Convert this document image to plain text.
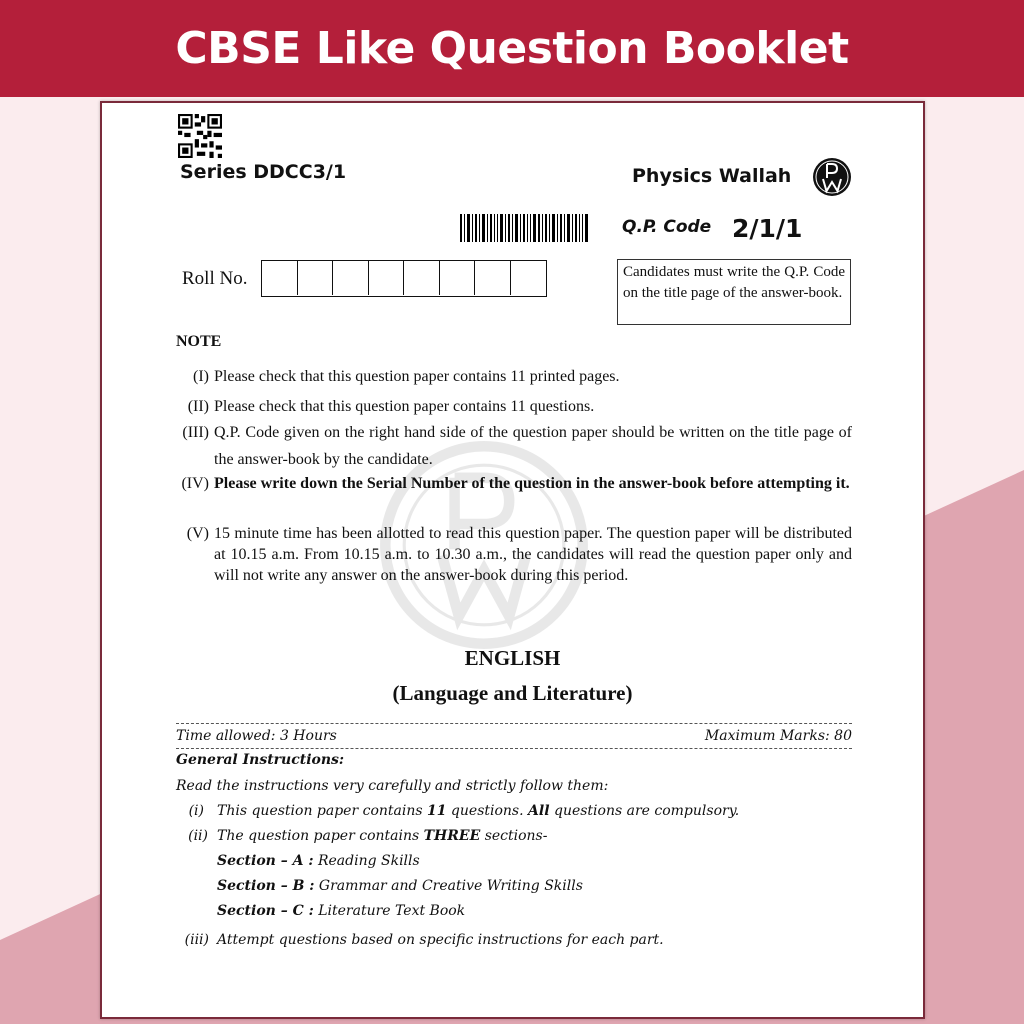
CBSE Like Question Booklet
Series DDCC3/1	Physics Wallah
Q.P. Code 2/1/1
Roll No.	Candidates must write the Q.P. Code on the title page of the answer-book.
NOTE
(I) Please check that this question paper contains 11 printed pages.
(II) Please check that this question paper contains 11 questions.
(III) Q.P. Code given on the right hand side of the question paper should be written on the title page of the answer-book by the candidate.
(IV) Please write down the Serial Number of the question in the answer-book before attempting it.
(V) 15 minute time has been allotted to read this question paper. The question paper will be distributed at 10.15 a.m. From 10.15 a.m. to 10.30 a.m., the candidates will read the question paper only and will not write any answer on the answer-book during this period.
ENGLISH
(Language and Literature)
Time allowed: 3 Hours	Maximum Marks: 80
General Instructions:
Read the instructions very carefully and strictly follow them:
(i) This question paper contains 11 questions. All questions are compulsory.
(ii) The question paper contains THREE sections-
Section – A : Reading Skills
Section – B : Grammar and Creative Writing Skills
Section – C : Literature Text Book
(iii) Attempt questions based on specific instructions for each part.
